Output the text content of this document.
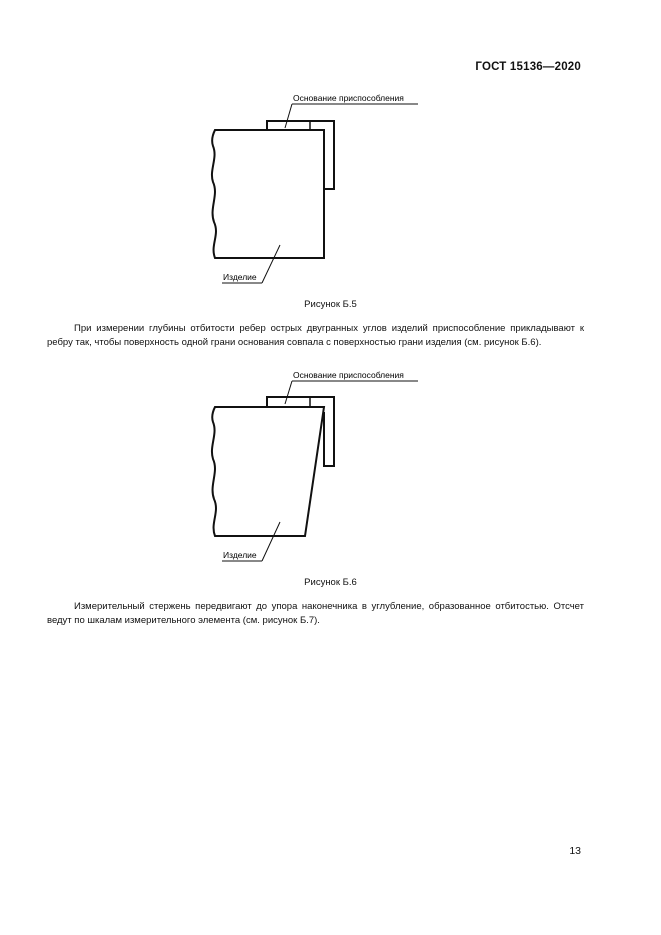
ГОСТ 15136—2020
Основание приспособления
Изделие
Рисунок Б.5

При измерении глубины отбитости ребер острых двугранных углов изделий приспособление прикладывают к ребру так, чтобы поверхность одной грани основания совпала с поверхностью грани изделия (см. рисунок Б.6).

Основание приспособления
Изделие
Рисунок Б.6

Измерительный стержень передвигают до упора наконечника в углубление, образованное отбитостью. Отсчет ведут по шкалам измерительного элемента (см. рисунок Б.7).

13
